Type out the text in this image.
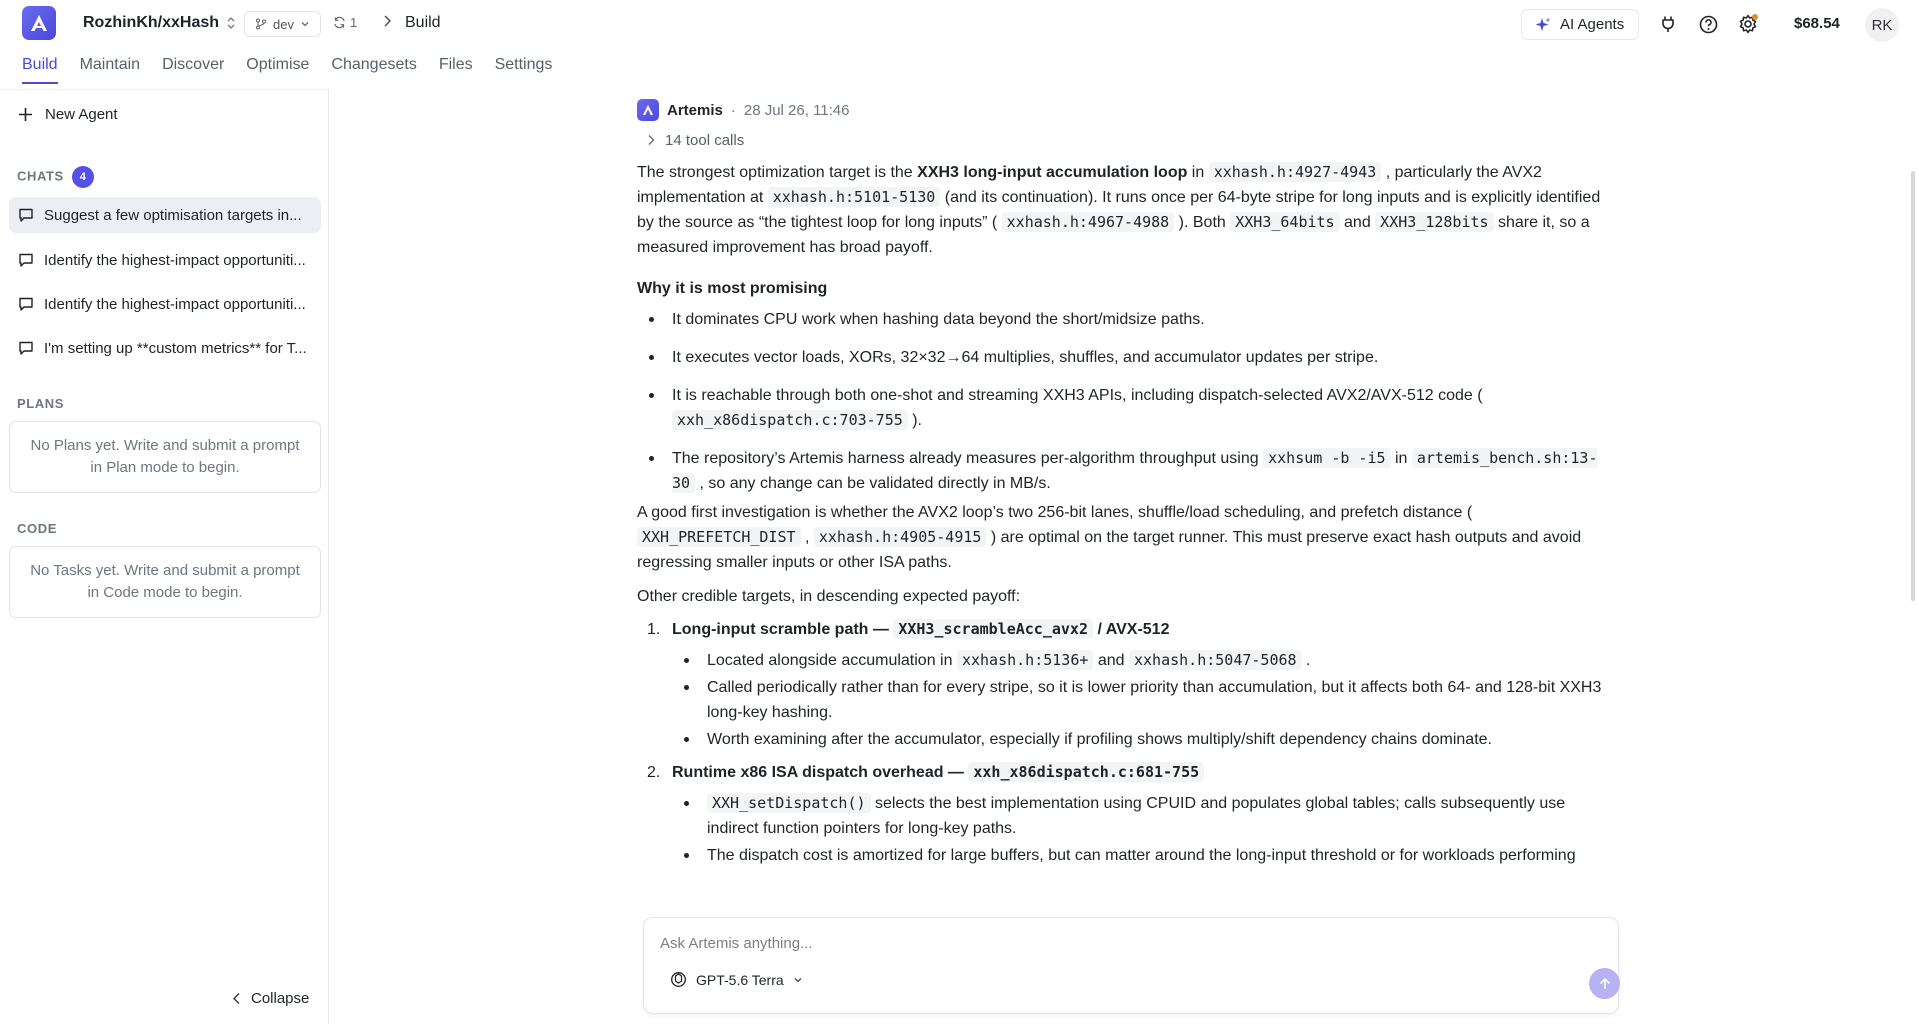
RozhinKh/xxHash	dev	1	Build	AI Agents	$68.54 RK
Build Maintain Discover Optimise Changesets Files Settings
New Agent
CHATS 4
Suggest a few optimisation targets in...
Identify the highest-impact opportuniti...
Identify the highest-impact opportuniti...
I'm setting up **custom metrics** for T...
PLANS
No Plans yet. Write and submit a prompt in Plan mode to begin.
CODE
No Tasks yet. Write and submit a prompt in Code mode to begin.
Collapse
Artemis · 28 Jul 26, 11:46
14 tool calls

The strongest optimization target is the XXH3 long-input accumulation loop in xxhash.h:4927-4943 , particularly the AVX2 implementation at xxhash.h:5101-5130 (and its continuation). It runs once per 64-byte stripe for long inputs and is explicitly identified by the source as “the tightest loop for long inputs” ( xxhash.h:4967-4988 ). Both XXH3_64bits and XXH3_128bits share it, so a measured improvement has broad payoff.

Why it is most promising
It dominates CPU work when hashing data beyond the short/midsize paths.
It executes vector loads, XORs, 32×32→64 multiplies, shuffles, and accumulator updates per stripe.
It is reachable through both one-shot and streaming XXH3 APIs, including dispatch-selected AVX2/AVX-512 code ( xxh_x86dispatch.c:703-755 ).
The repository’s Artemis harness already measures per-algorithm throughput using xxhsum -b -i5 in artemis_bench.sh:13-30 , so any change can be validated directly in MB/s.

A good first investigation is whether the AVX2 loop’s two 256-bit lanes, shuffle/load scheduling, and prefetch distance ( XXH_PREFETCH_DIST , xxhash.h:4905-4915 ) are optimal on the target runner. This must preserve exact hash outputs and avoid regressing smaller inputs or other ISA paths.

Other credible targets, in descending expected payoff:

1. Long-input scramble path — XXH3_scrambleAcc_avx2 / AVX-512
Located alongside accumulation in xxhash.h:5136+ and xxhash.h:5047-5068 .
Called periodically rather than for every stripe, so it is lower priority than accumulation, but it affects both 64- and 128-bit XXH3 long-key hashing.
Worth examining after the accumulator, especially if profiling shows multiply/shift dependency chains dominate.
2. Runtime x86 ISA dispatch overhead — xxh_x86dispatch.c:681-755
XXH_setDispatch() selects the best implementation using CPUID and populates global tables; calls subsequently use indirect function pointers for long-key paths.
The dispatch cost is amortized for large buffers, but can matter around the long-input threshold or for workloads performing
Ask Artemis anything...
GPT-5.6 Terra
